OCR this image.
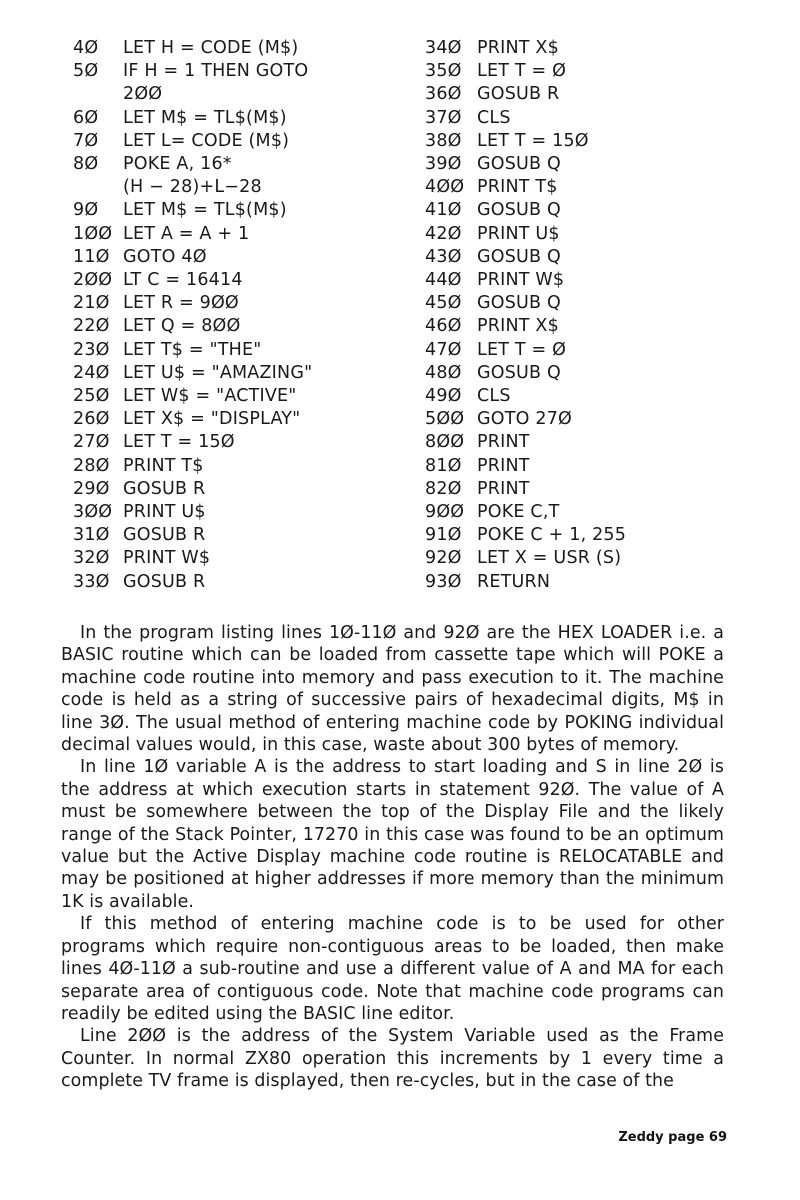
4Ø	LET H = CODE (M$)
5Ø	IF H = 1 THEN GOTO
2ØØ
6Ø	LET M$ = TL$(M$)
7Ø	LET L= CODE (M$)
8Ø	POKE A, 16*
(H − 28)+L−28
9Ø	LET M$ = TL$(M$)
1ØØ LET A = A + 1
11Ø GOTO 4Ø
2ØØ LT C = 16414
21Ø LET R = 9ØØ
22Ø LET Q = 8ØØ
23Ø LET T$ = "THE"
24Ø LET U$ = "AMAZING"
25Ø LET W$ = "ACTIVE"
26Ø LET X$ = "DISPLAY"
27Ø LET T = 15Ø
28Ø PRINT T$
29Ø GOSUB R
3ØØ PRINT U$
31Ø GOSUB R
32Ø PRINT W$
33Ø GOSUB R
34Ø PRINT X$
35Ø LET T = Ø
36Ø GOSUB R
37Ø CLS
38Ø LET T = 15Ø
39Ø GOSUB Q
4ØØ PRINT T$
41Ø GOSUB Q
42Ø PRINT U$
43Ø GOSUB Q
44Ø PRINT W$
45Ø GOSUB Q
46Ø PRINT X$
47Ø LET T = Ø
48Ø GOSUB Q
49Ø CLS
5ØØ GOTO 27Ø
8ØØ PRINT
81Ø PRINT
82Ø PRINT
9ØØ POKE C,T
91Ø POKE C + 1, 255
92Ø LET X = USR (S)
93Ø RETURN

In the program listing lines 1Ø-11Ø and 92Ø are the HEX LOADER i.e. a BASIC routine which can be loaded from cassette tape which will POKE a machine code routine into memory and pass execution to it. The machine code is held as a string of successive pairs of hexadecimal digits, M$ in line 3Ø. The usual method of entering machine code by POKING individual decimal values would, in this case, waste about 300 bytes of memory.

In line 1Ø variable A is the address to start loading and S in line 2Ø is the address at which execution starts in statement 92Ø. The value of A must be somewhere between the top of the Display File and the likely range of the Stack Pointer, 17270 in this case was found to be an optimum value but the Active Display machine code routine is RELOCATABLE and may be positioned at higher addresses if more memory than the minimum 1K is available.

If this method of entering machine code is to be used for other programs which require non-contiguous areas to be loaded, then make lines 4Ø-11Ø a sub-routine and use a different value of A and MA for each separate area of contiguous code. Note that machine code programs can readily be edited using the BASIC line editor.

Line 2ØØ is the address of the System Variable used as the Frame Counter. In normal ZX80 operation this increments by 1 every time a complete TV frame is displayed, then re-cycles, but in the case of the

Zeddy page 69
